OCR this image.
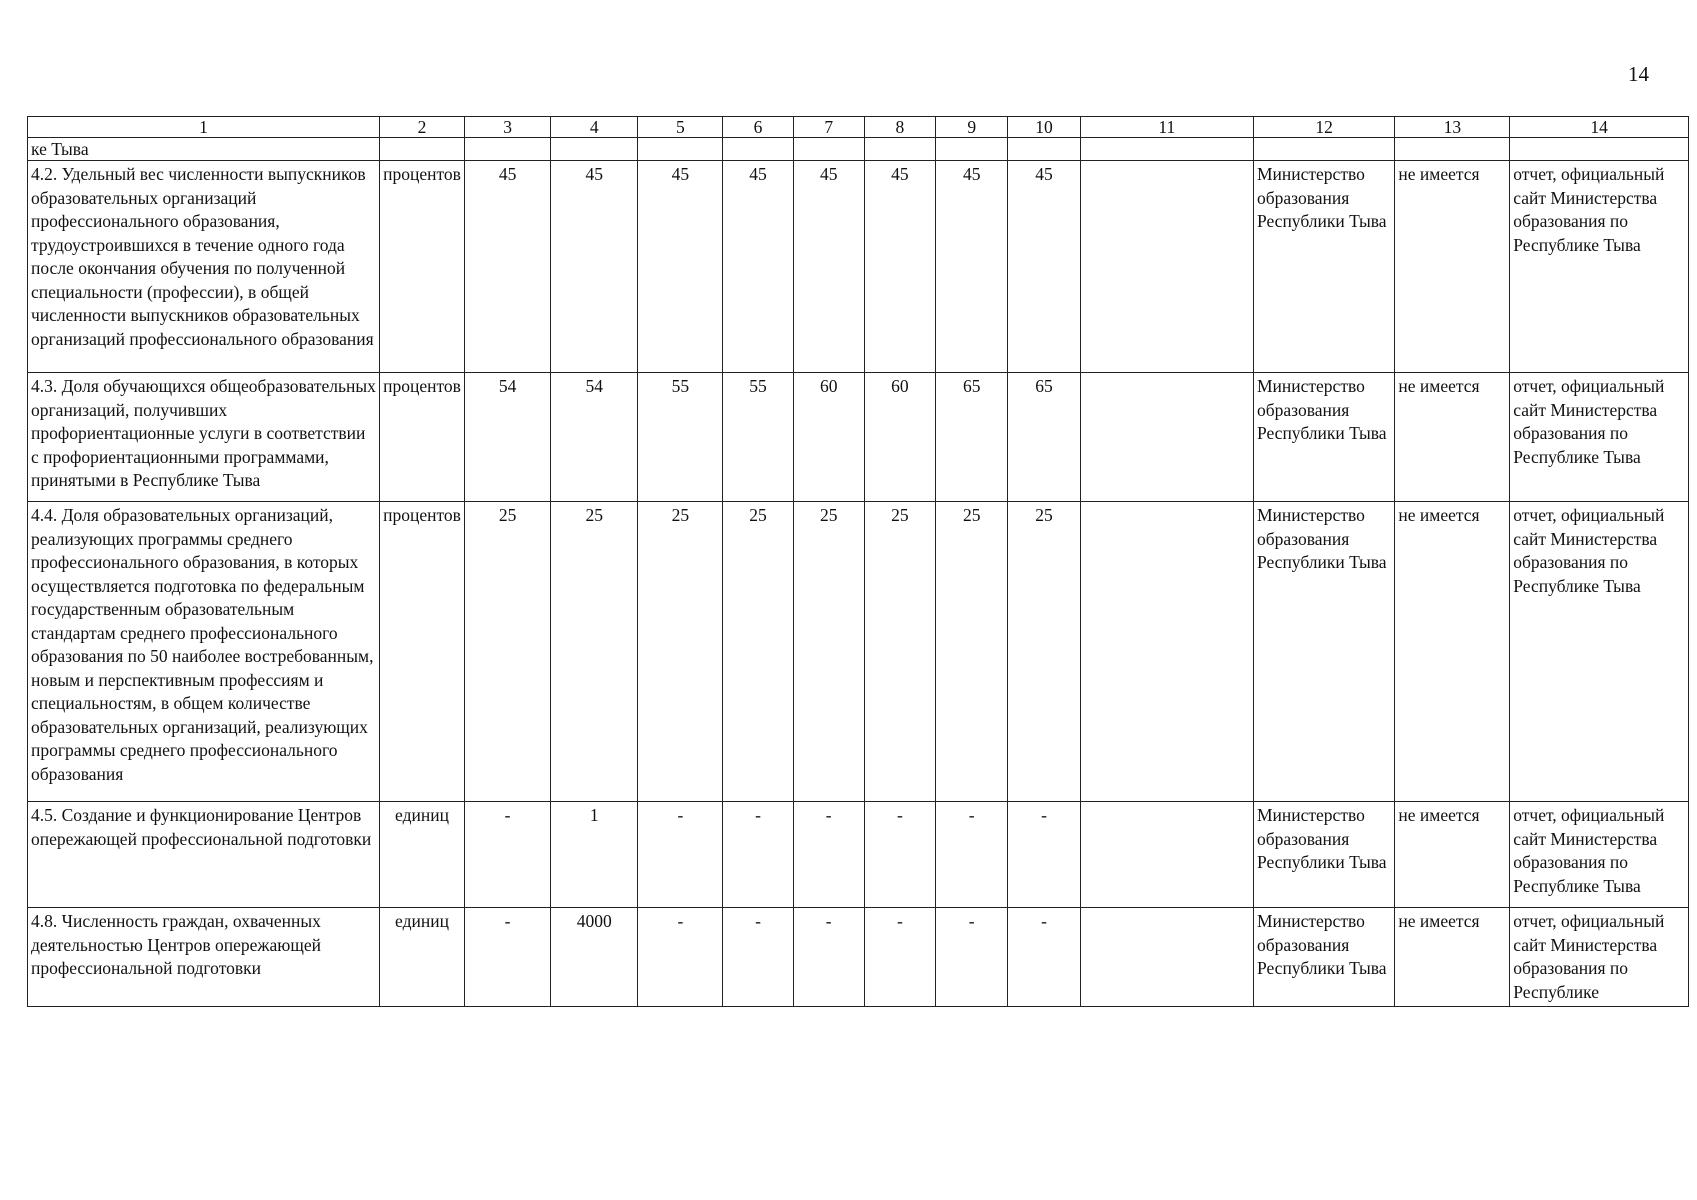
14
1	2	3	4	5	6	7	8	9	10	11	12	13	14
ке Тыва													
4.2. Удельный вес численности выпускников образовательных организаций профессионального образования, трудоустроившихся в течение одного года после окончания обучения по полученной специальности (профессии), в общей численности выпускников образовательных организаций профессионального образования	процентов	45	45	45	45	45	45	45	45		Министерство образования Республики Тыва	не имеется	отчет, официальный сайт Министерства образования по Республике Тыва
4.3. Доля обучающихся общеобразовательных организаций, получивших профориентационные услуги в соответствии с профориентационными программами, принятыми в Республике Тыва	процентов	54	54	55	55	60	60	65	65		Министерство образования Республики Тыва	не имеется	отчет, официальный сайт Министерства образования по Республике Тыва
4.4. Доля образовательных организаций, реализующих программы среднего профессионального образования, в которых осуществляется подготовка по федеральным государственным образовательным стандартам среднего профессионального образования по 50 наиболее востребованным, новым и перспективным профессиям и специальностям, в общем количестве образовательных организаций, реализующих программы среднего профессионального образования	процентов	25	25	25	25	25	25	25	25		Министерство образования Республики Тыва	не имеется	отчет, официальный сайт Министерства образования по Республике Тыва
4.5. Создание и функционирование Центров опережающей профессиональной подготовки	единиц	-	1	-	-	-	-	-	-		Министерство образования Республики Тыва	не имеется	отчет, официальный сайт Министерства образования по Республике Тыва
4.8. Численность граждан, охваченных деятельностью Центров опережающей профессиональной подготовки	единиц	-	4000	-	-	-	-	-	-		Министерство образования Республики Тыва	не имеется	отчет, официальный сайт Министерства образования по Республике
